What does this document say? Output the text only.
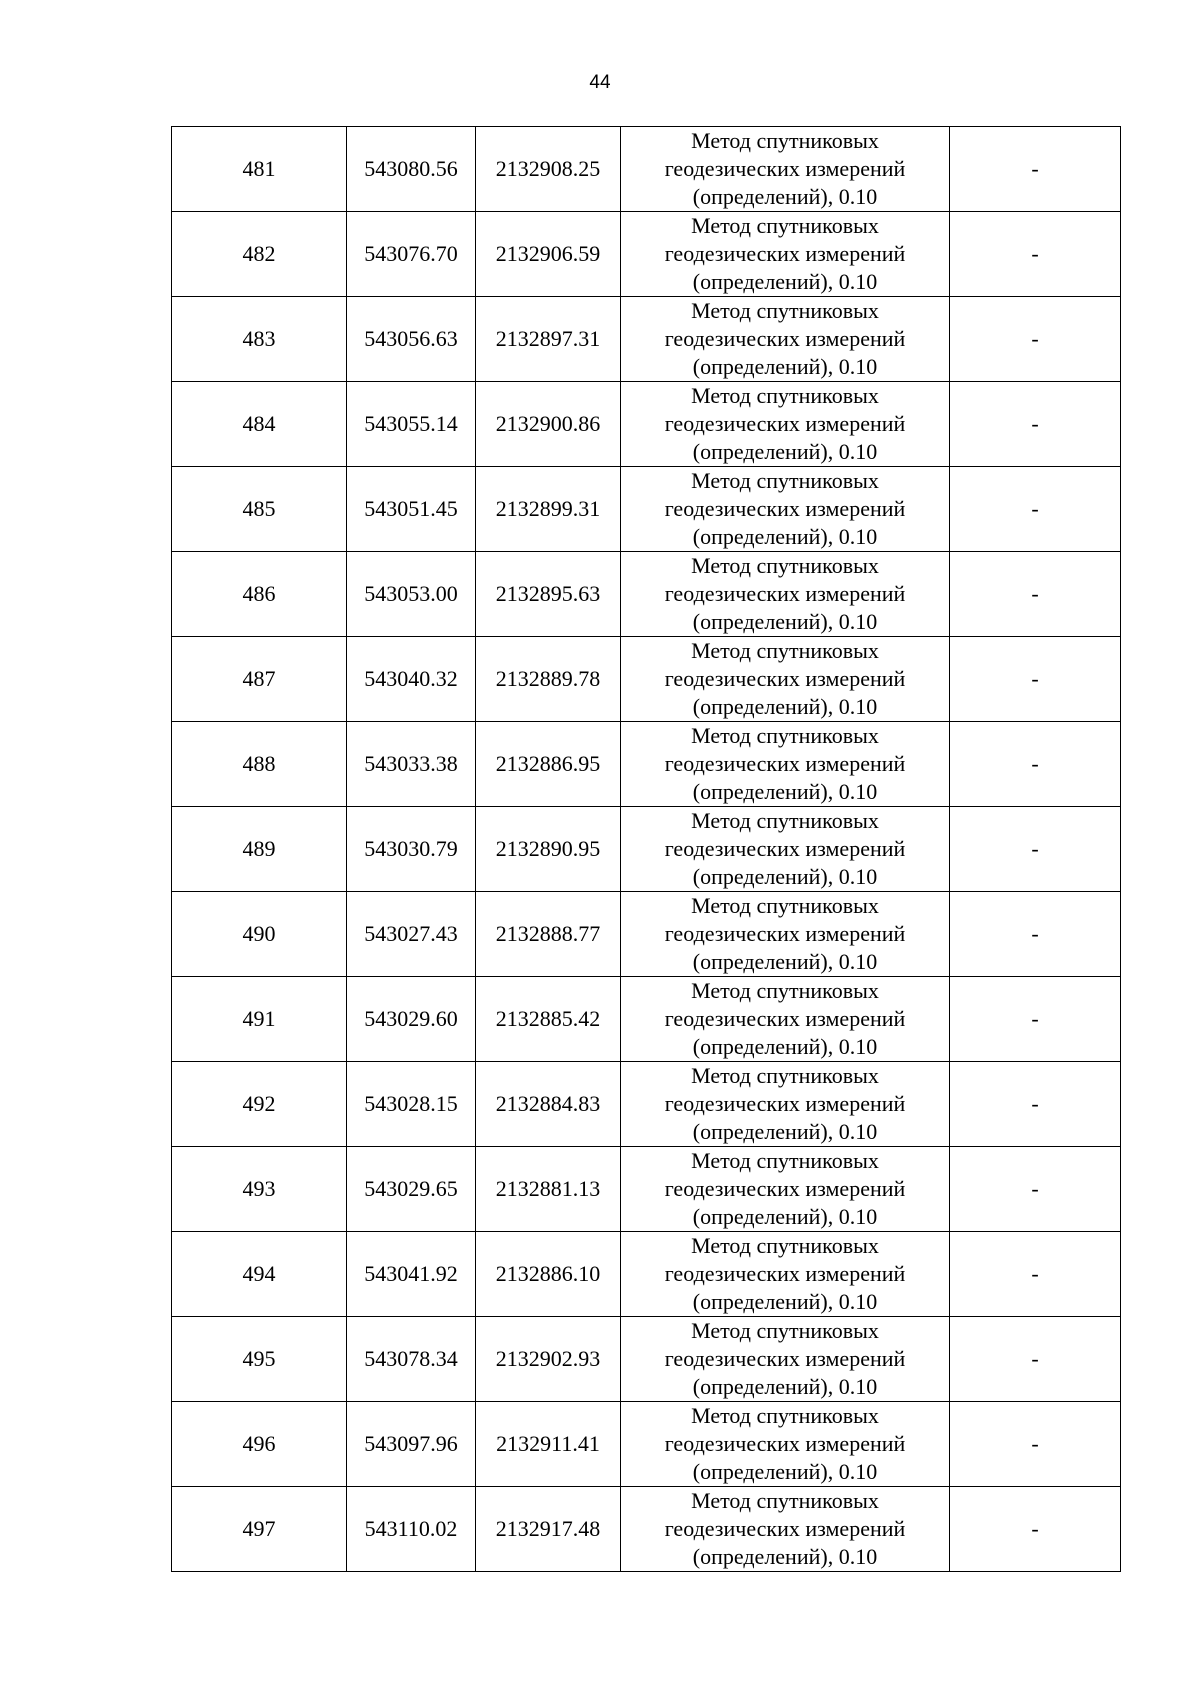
44
481	543080.56	2132908.25	Метод спутниковых
геодезических измерений
(определений), 0.10	-
482	543076.70	2132906.59	Метод спутниковых
геодезических измерений
(определений), 0.10	-
483	543056.63	2132897.31	Метод спутниковых
геодезических измерений
(определений), 0.10	-
484	543055.14	2132900.86	Метод спутниковых
геодезических измерений
(определений), 0.10	-
485	543051.45	2132899.31	Метод спутниковых
геодезических измерений
(определений), 0.10	-
486	543053.00	2132895.63	Метод спутниковых
геодезических измерений
(определений), 0.10	-
487	543040.32	2132889.78	Метод спутниковых
геодезических измерений
(определений), 0.10	-
488	543033.38	2132886.95	Метод спутниковых
геодезических измерений
(определений), 0.10	-
489	543030.79	2132890.95	Метод спутниковых
геодезических измерений
(определений), 0.10	-
490	543027.43	2132888.77	Метод спутниковых
геодезических измерений
(определений), 0.10	-
491	543029.60	2132885.42	Метод спутниковых
геодезических измерений
(определений), 0.10	-
492	543028.15	2132884.83	Метод спутниковых
геодезических измерений
(определений), 0.10	-
493	543029.65	2132881.13	Метод спутниковых
геодезических измерений
(определений), 0.10	-
494	543041.92	2132886.10	Метод спутниковых
геодезических измерений
(определений), 0.10	-
495	543078.34	2132902.93	Метод спутниковых
геодезических измерений
(определений), 0.10	-
496	543097.96	2132911.41	Метод спутниковых
геодезических измерений
(определений), 0.10	-
497	543110.02	2132917.48	Метод спутниковых
геодезических измерений
(определений), 0.10	-
